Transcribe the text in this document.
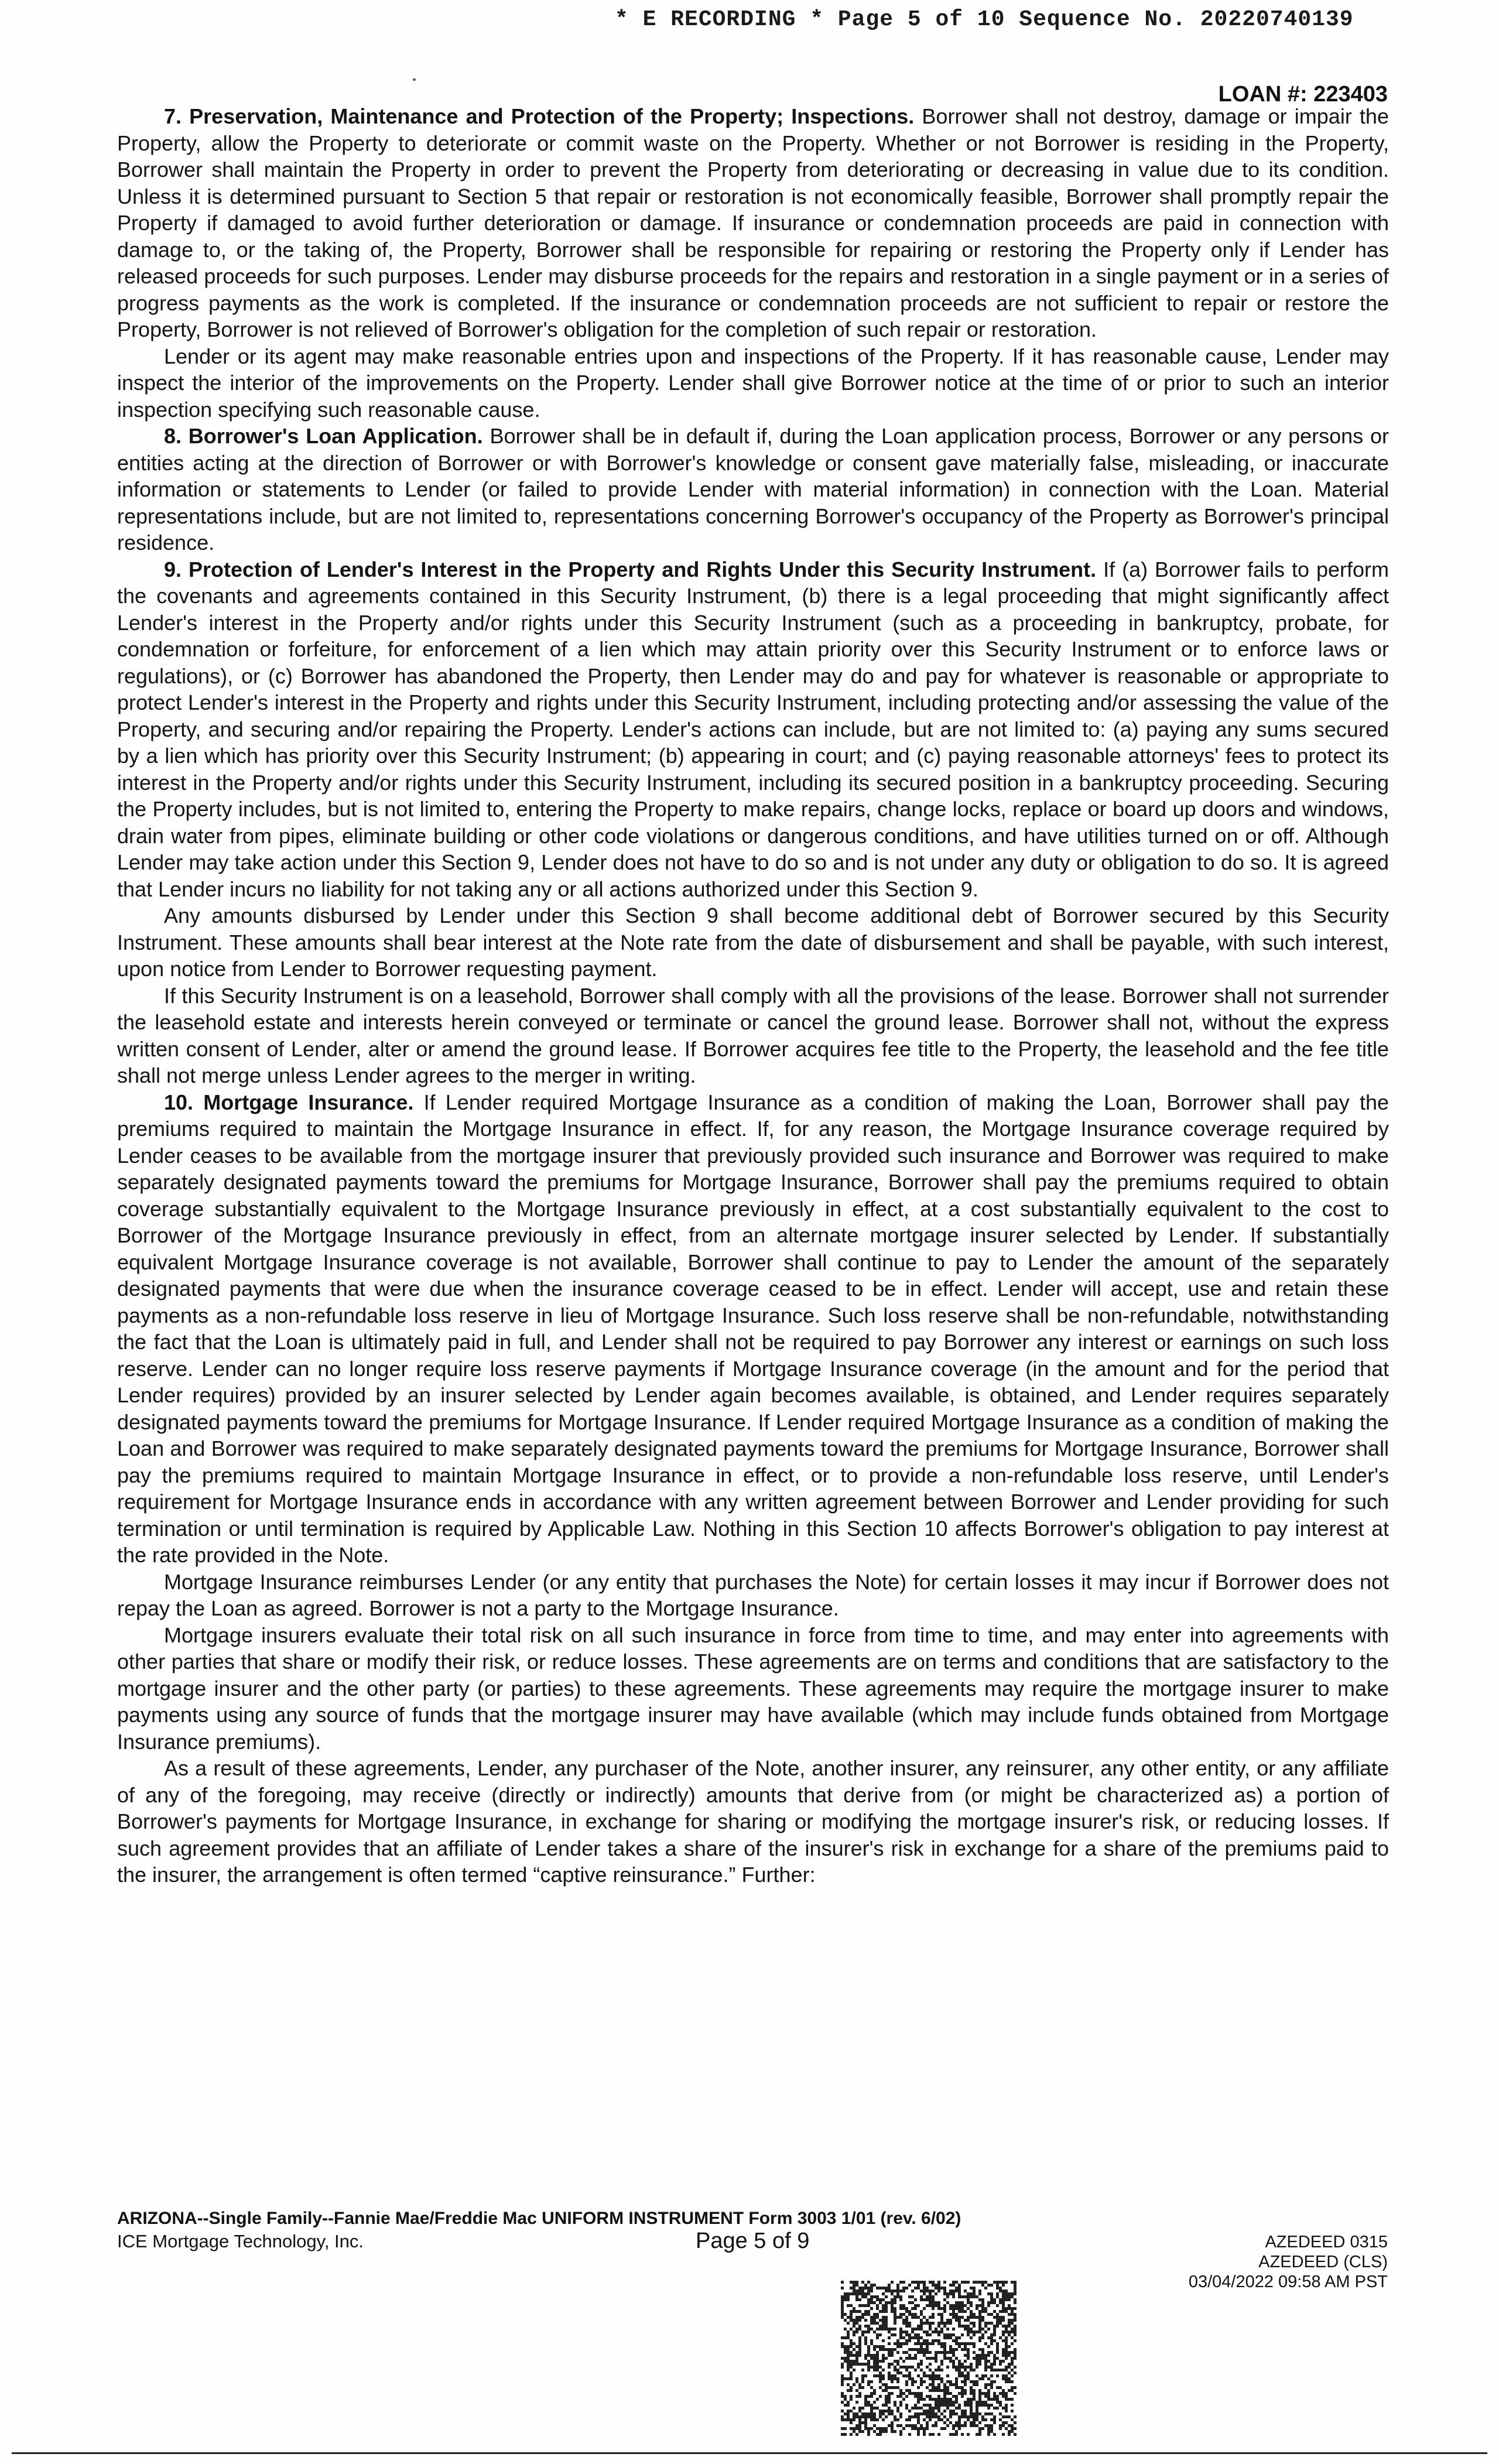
* E RECORDING * Page 5 of 10 Sequence No. 20220740139
LOAN #: 223403

7. Preservation, Maintenance and Protection of the Property; Inspections. Borrower shall not destroy, damage or impair the Property, allow the Property to deteriorate or commit waste on the Property. Whether or not Borrower is residing in the Property, Borrower shall maintain the Property in order to prevent the Property from deteriorating or decreasing in value due to its condition. Unless it is determined pursuant to Section 5 that repair or restoration is not economically feasible, Borrower shall promptly repair the Property if damaged to avoid further deterioration or damage. If insurance or condemnation proceeds are paid in connection with damage to, or the taking of, the Property, Borrower shall be responsible for repairing or restoring the Property only if Lender has released proceeds for such purposes. Lender may disburse proceeds for the repairs and restoration in a single payment or in a series of progress payments as the work is completed. If the insurance or condemnation proceeds are not sufficient to repair or restore the Property, Borrower is not relieved of Borrower's obligation for the completion of such repair or restoration.

Lender or its agent may make reasonable entries upon and inspections of the Property. If it has reasonable cause, Lender may inspect the interior of the improvements on the Property. Lender shall give Borrower notice at the time of or prior to such an interior inspection specifying such reasonable cause.

8. Borrower's Loan Application. Borrower shall be in default if, during the Loan application process, Borrower or any persons or entities acting at the direction of Borrower or with Borrower's knowledge or consent gave materially false, misleading, or inaccurate information or statements to Lender (or failed to provide Lender with material information) in connection with the Loan. Material representations include, but are not limited to, representations concerning Borrower's occupancy of the Property as Borrower's principal residence.

9. Protection of Lender's Interest in the Property and Rights Under this Security Instrument. If (a) Borrower fails to perform the covenants and agreements contained in this Security Instrument, (b) there is a legal proceeding that might significantly affect Lender's interest in the Property and/or rights under this Security Instrument (such as a proceeding in bankruptcy, probate, for condemnation or forfeiture, for enforcement of a lien which may attain priority over this Security Instrument or to enforce laws or regulations), or (c) Borrower has abandoned the Property, then Lender may do and pay for whatever is reasonable or appropriate to protect Lender's interest in the Property and rights under this Security Instrument, including protecting and/or assessing the value of the Property, and securing and/or repairing the Property. Lender's actions can include, but are not limited to: (a) paying any sums secured by a lien which has priority over this Security Instrument; (b) appearing in court; and (c) paying reasonable attorneys' fees to protect its interest in the Property and/or rights under this Security Instrument, including its secured position in a bankruptcy proceeding. Securing the Property includes, but is not limited to, entering the Property to make repairs, change locks, replace or board up doors and windows, drain water from pipes, eliminate building or other code violations or dangerous conditions, and have utilities turned on or off. Although Lender may take action under this Section 9, Lender does not have to do so and is not under any duty or obligation to do so. It is agreed that Lender incurs no liability for not taking any or all actions authorized under this Section 9.

Any amounts disbursed by Lender under this Section 9 shall become additional debt of Borrower secured by this Security Instrument. These amounts shall bear interest at the Note rate from the date of disbursement and shall be payable, with such interest, upon notice from Lender to Borrower requesting payment.

If this Security Instrument is on a leasehold, Borrower shall comply with all the provisions of the lease. Borrower shall not surrender the leasehold estate and interests herein conveyed or terminate or cancel the ground lease. Borrower shall not, without the express written consent of Lender, alter or amend the ground lease. If Borrower acquires fee title to the Property, the leasehold and the fee title shall not merge unless Lender agrees to the merger in writing.

10. Mortgage Insurance. If Lender required Mortgage Insurance as a condition of making the Loan, Borrower shall pay the premiums required to maintain the Mortgage Insurance in effect. If, for any reason, the Mortgage Insurance coverage required by Lender ceases to be available from the mortgage insurer that previously provided such insurance and Borrower was required to make separately designated payments toward the premiums for Mortgage Insurance, Borrower shall pay the premiums required to obtain coverage substantially equivalent to the Mortgage Insurance previously in effect, at a cost substantially equivalent to the cost to Borrower of the Mortgage Insurance previously in effect, from an alternate mortgage insurer selected by Lender. If substantially equivalent Mortgage Insurance coverage is not available, Borrower shall continue to pay to Lender the amount of the separately designated payments that were due when the insurance coverage ceased to be in effect. Lender will accept, use and retain these payments as a non-refundable loss reserve in lieu of Mortgage Insurance. Such loss reserve shall be non-refundable, notwithstanding the fact that the Loan is ultimately paid in full, and Lender shall not be required to pay Borrower any interest or earnings on such loss reserve. Lender can no longer require loss reserve payments if Mortgage Insurance coverage (in the amount and for the period that Lender requires) provided by an insurer selected by Lender again becomes available, is obtained, and Lender requires separately designated payments toward the premiums for Mortgage Insurance. If Lender required Mortgage Insurance as a condition of making the Loan and Borrower was required to make separately designated payments toward the premiums for Mortgage Insurance, Borrower shall pay the premiums required to maintain Mortgage Insurance in effect, or to provide a non-refundable loss reserve, until Lender's requirement for Mortgage Insurance ends in accordance with any written agreement between Borrower and Lender providing for such termination or until termination is required by Applicable Law. Nothing in this Section 10 affects Borrower's obligation to pay interest at the rate provided in the Note.

Mortgage Insurance reimburses Lender (or any entity that purchases the Note) for certain losses it may incur if Borrower does not repay the Loan as agreed. Borrower is not a party to the Mortgage Insurance.

Mortgage insurers evaluate their total risk on all such insurance in force from time to time, and may enter into agreements with other parties that share or modify their risk, or reduce losses. These agreements are on terms and conditions that are satisfactory to the mortgage insurer and the other party (or parties) to these agreements. These agreements may require the mortgage insurer to make payments using any source of funds that the mortgage insurer may have available (which may include funds obtained from Mortgage Insurance premiums).

As a result of these agreements, Lender, any purchaser of the Note, another insurer, any reinsurer, any other entity, or any affiliate of any of the foregoing, may receive (directly or indirectly) amounts that derive from (or might be characterized as) a portion of Borrower's payments for Mortgage Insurance, in exchange for sharing or modifying the mortgage insurer's risk, or reducing losses. If such agreement provides that an affiliate of Lender takes a share of the insurer's risk in exchange for a share of the premiums paid to the insurer, the arrangement is often termed “captive reinsurance.” Further:

ARIZONA--Single Family--Fannie Mae/Freddie Mac UNIFORM INSTRUMENT Form 3003 1/01 (rev. 6/02)
ICE Mortgage Technology, Inc.	Page 5 of 9	AZEDEED 0315
AZEDEED (CLS)
03/04/2022 09:58 AM PST
